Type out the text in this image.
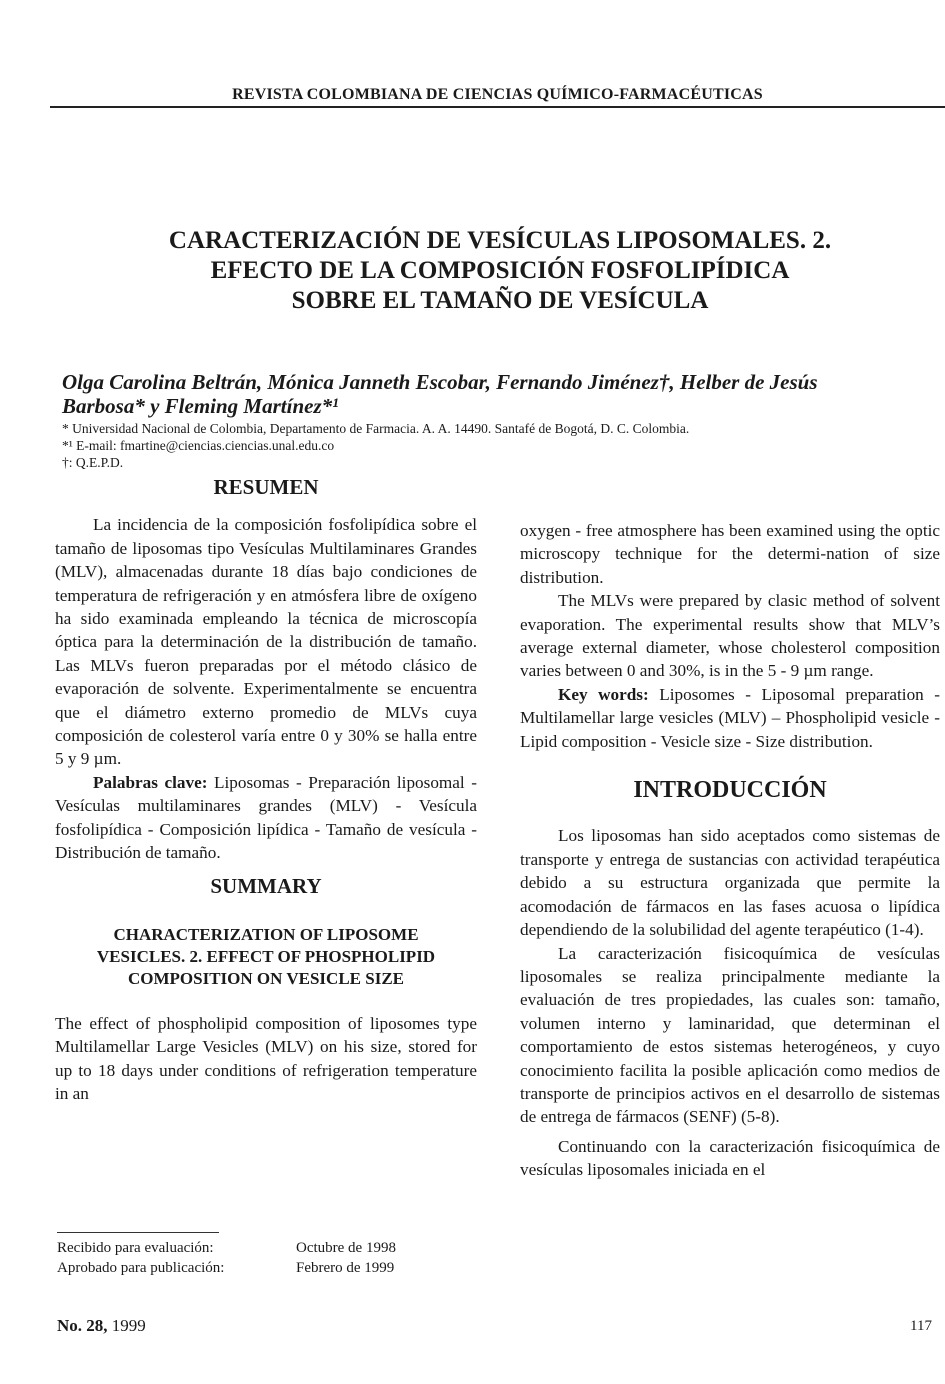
REVISTA COLOMBIANA DE CIENCIAS QUÍMICO-FARMACÉUTICAS
CARACTERIZACIÓN DE VESÍCULAS LIPOSOMALES. 2.
EFECTO DE LA COMPOSICIÓN FOSFOLIPÍDICA
SOBRE EL TAMAÑO DE VESÍCULA
Olga Carolina Beltrán, Mónica Janneth Escobar, Fernando Jiménez†, Helber de Jesús
Barbosa* y Fleming Martínez*¹
* Universidad Nacional de Colombia, Departamento de Farmacia. A. A. 14490. Santafé de Bogotá, D. C. Colombia.
*¹ E-mail: fmartine@ciencias.ciencias.unal.edu.co
†: Q.E.P.D.
RESUMEN

La incidencia de la composición fosfolipídica sobre el tamaño de liposomas tipo Vesículas Multilaminares Grandes (MLV), almacenadas durante 18 días bajo condiciones de temperatura de refrigeración y en atmósfera libre de oxígeno ha sido examinada empleando la técnica de microscopía óptica para la determinación de la distribución de tamaño. Las MLVs fueron preparadas por el método clásico de evaporación de solvente. Experimentalmente se encuentra que el diámetro externo promedio de MLVs cuya composición de colesterol varía entre 0 y 30% se halla entre 5 y 9 µm.

Palabras clave: Liposomas - Preparación liposomal - Vesículas multilaminares grandes (MLV) - Vesícula fosfolipídica - Composición lipídica - Tamaño de vesícula - Distribución de tamaño.

SUMMARY
CHARACTERIZATION OF LIPOSOME VESICLES. 2. EFFECT OF PHOSPHOLIPID COMPOSITION ON VESICLE SIZE

The effect of phospholipid composition of liposomes type Multilamellar Large Vesicles (MLV) on his size, stored for up to 18 days under conditions of refrigeration temperature in an

oxygen - free atmosphere has been examined using the optic microscopy technique for the determi-nation of size distribution.

The MLVs were prepared by clasic method of solvent evaporation. The experimental results show that MLV’s average external diameter, whose cholesterol composition varies between 0 and 30%, is in the 5 - 9 µm range.

Key words: Liposomes - Liposomal preparation - Multilamellar large vesicles (MLV) – Phospholipid vesicle - Lipid composition - Vesicle size - Size distribution.

INTRODUCCIÓN

Los liposomas han sido aceptados como sistemas de transporte y entrega de sustancias con actividad terapéutica debido a su estructura organizada que permite la acomodación de fármacos en las fases acuosa o lipídica dependiendo de la solubilidad del agente terapéutico (1-4).

La caracterización fisicoquímica de vesículas liposomales se realiza principalmente mediante la evaluación de tres propiedades, las cuales son: tamaño, volumen interno y laminaridad, que determinan el comportamiento de estos sistemas heterogéneos, y cuyo conocimiento facilita la posible aplicación como medios de transporte de principios activos en el desarrollo de sistemas de entrega de fármacos (SENF) (5-8).

Continuando con la caracterización fisicoquímica de vesículas liposomales iniciada en el

Recibido para evaluación:	Octubre de 1998
Aprobado para publicación:	Febrero de 1999
No. 28, 1999	117
